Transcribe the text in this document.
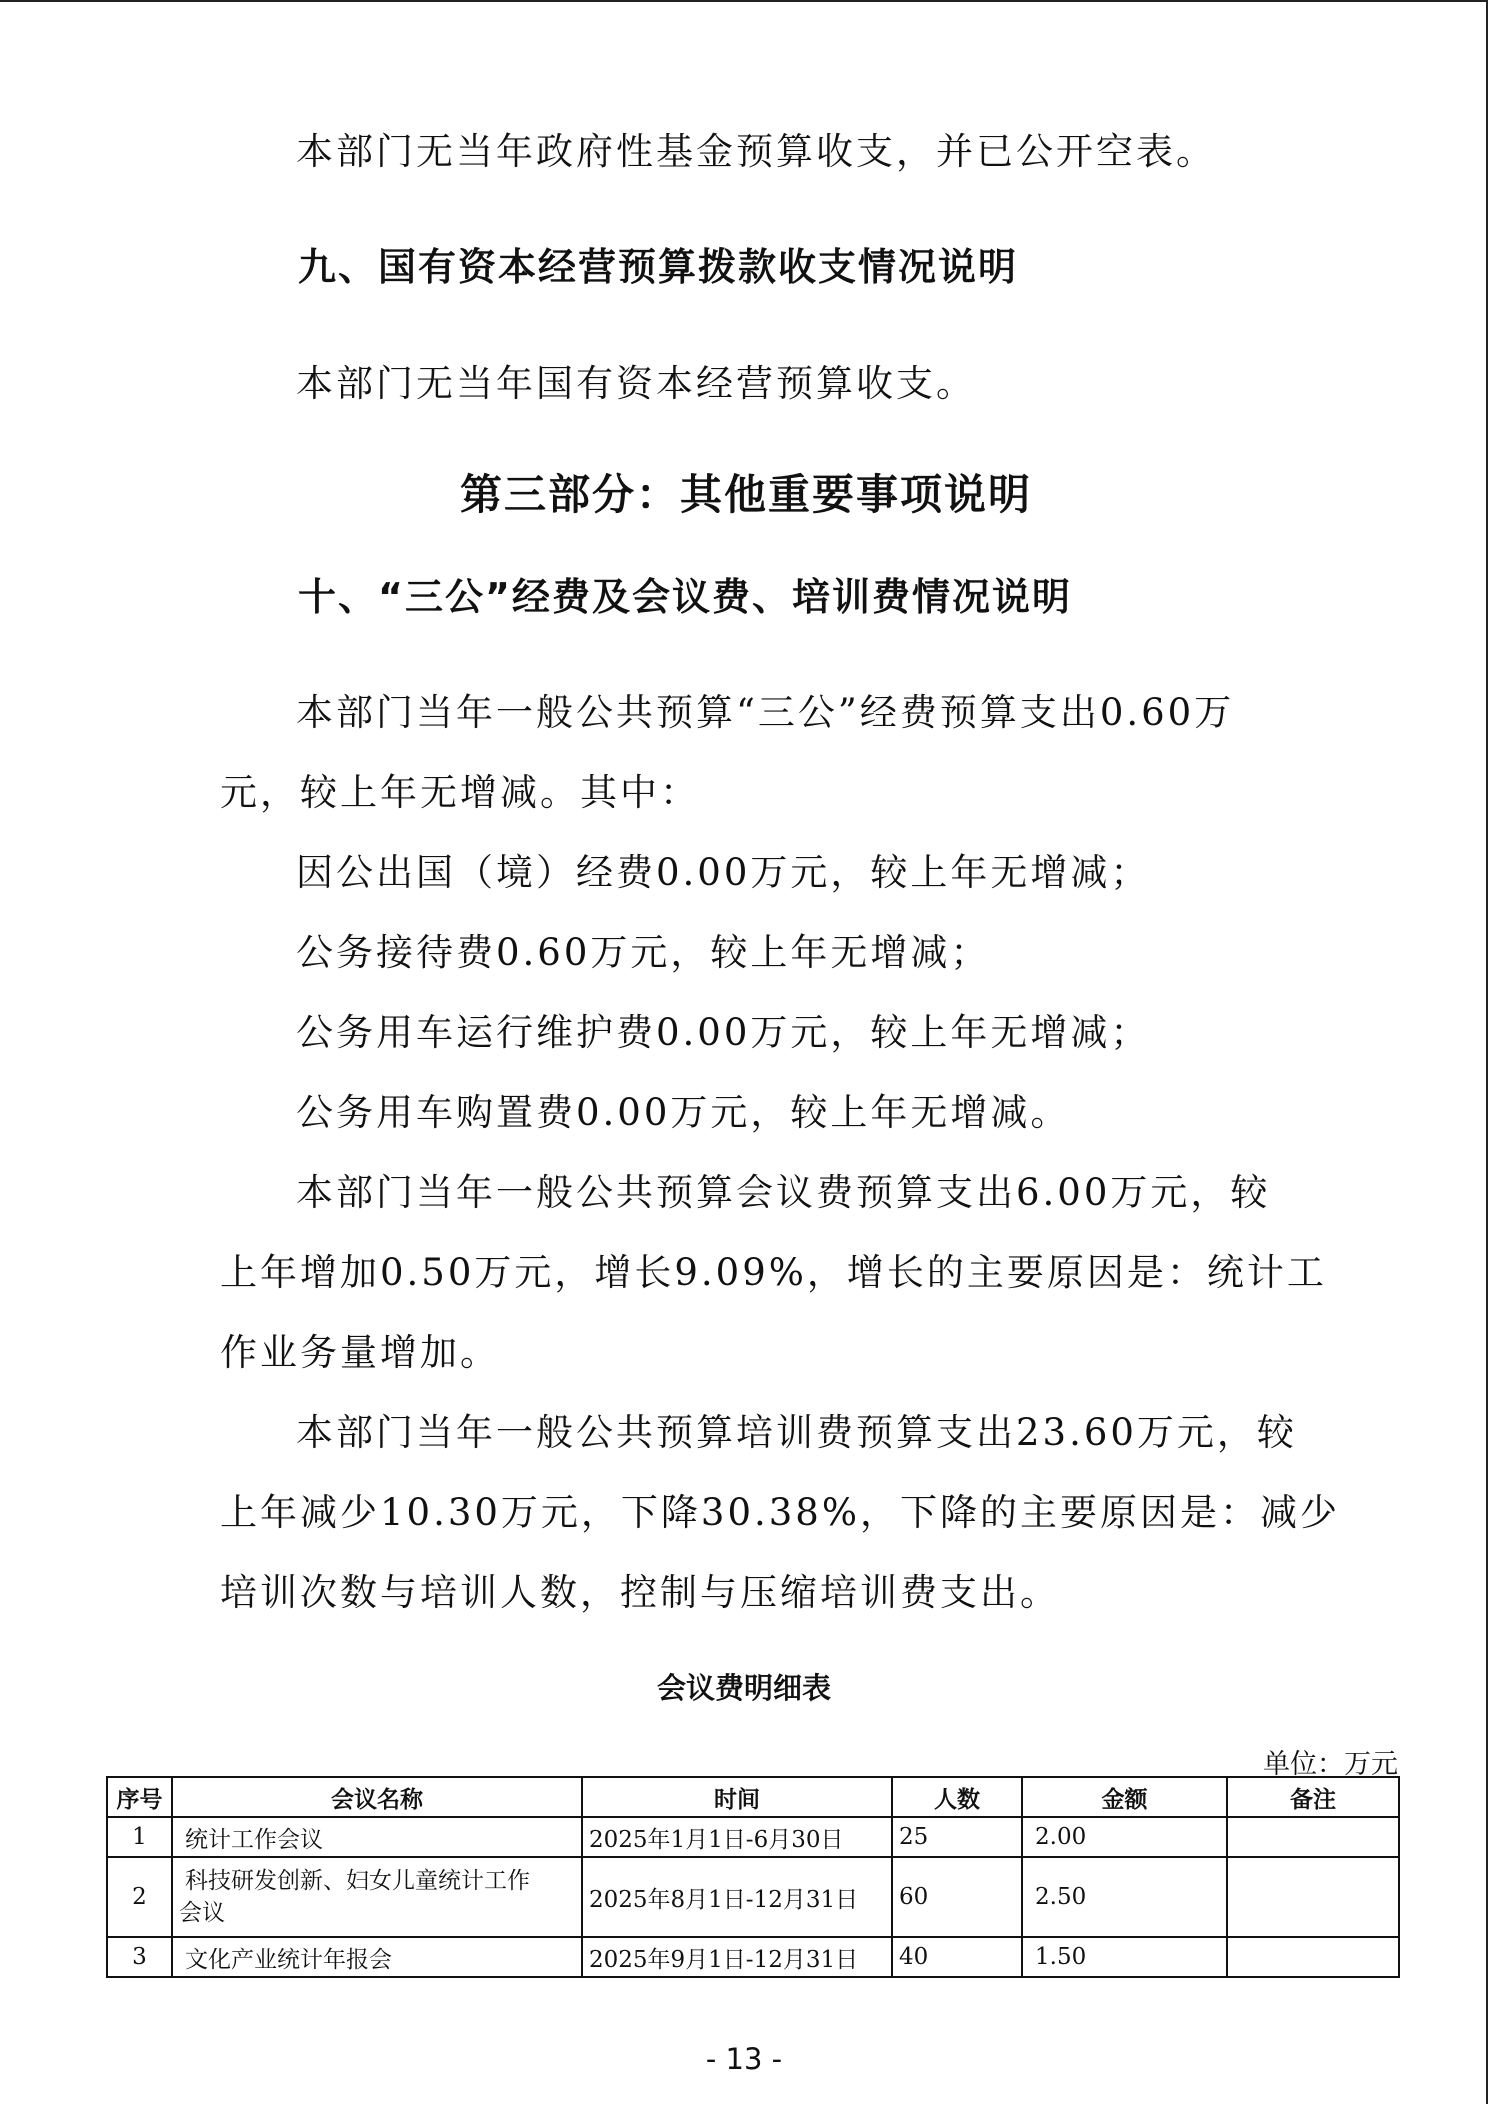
本部门无当年政府性基金预算收支，并已公开空表。
九、国有资本经营预算拨款收支情况说明
本部门无当年国有资本经营预算收支。
第三部分：其他重要事项说明
十、“三公”经费及会议费、培训费情况说明
本部门当年一般公共预算“三公”经费预算支出0.60万
元，较上年无增减。其中：
因公出国（境）经费0.00万元，较上年无增减；
公务接待费0.60万元，较上年无增减；
公务用车运行维护费0.00万元，较上年无增减；
公务用车购置费0.00万元，较上年无增减。
本部门当年一般公共预算会议费预算支出6.00万元，较
上年增加0.50万元，增长9.09%，增长的主要原因是：统计工
作业务量增加。
本部门当年一般公共预算培训费预算支出23.60万元，较
上年减少10.30万元，下降30.38%，下降的主要原因是：减少
培训次数与培训人数，控制与压缩培训费支出。
会议费明细表
单位：万元
序号	会议名称	时间	人数	金额	备注
1	统计工作会议	2025年1月1日-6月30日	25	2.00	
2	科技研发创新、妇女儿童统计工作
会议	2025年8月1日-12月31日	60	2.50	
3	文化产业统计年报会	2025年9月1日-12月31日	40	1.50	
- 13 -
